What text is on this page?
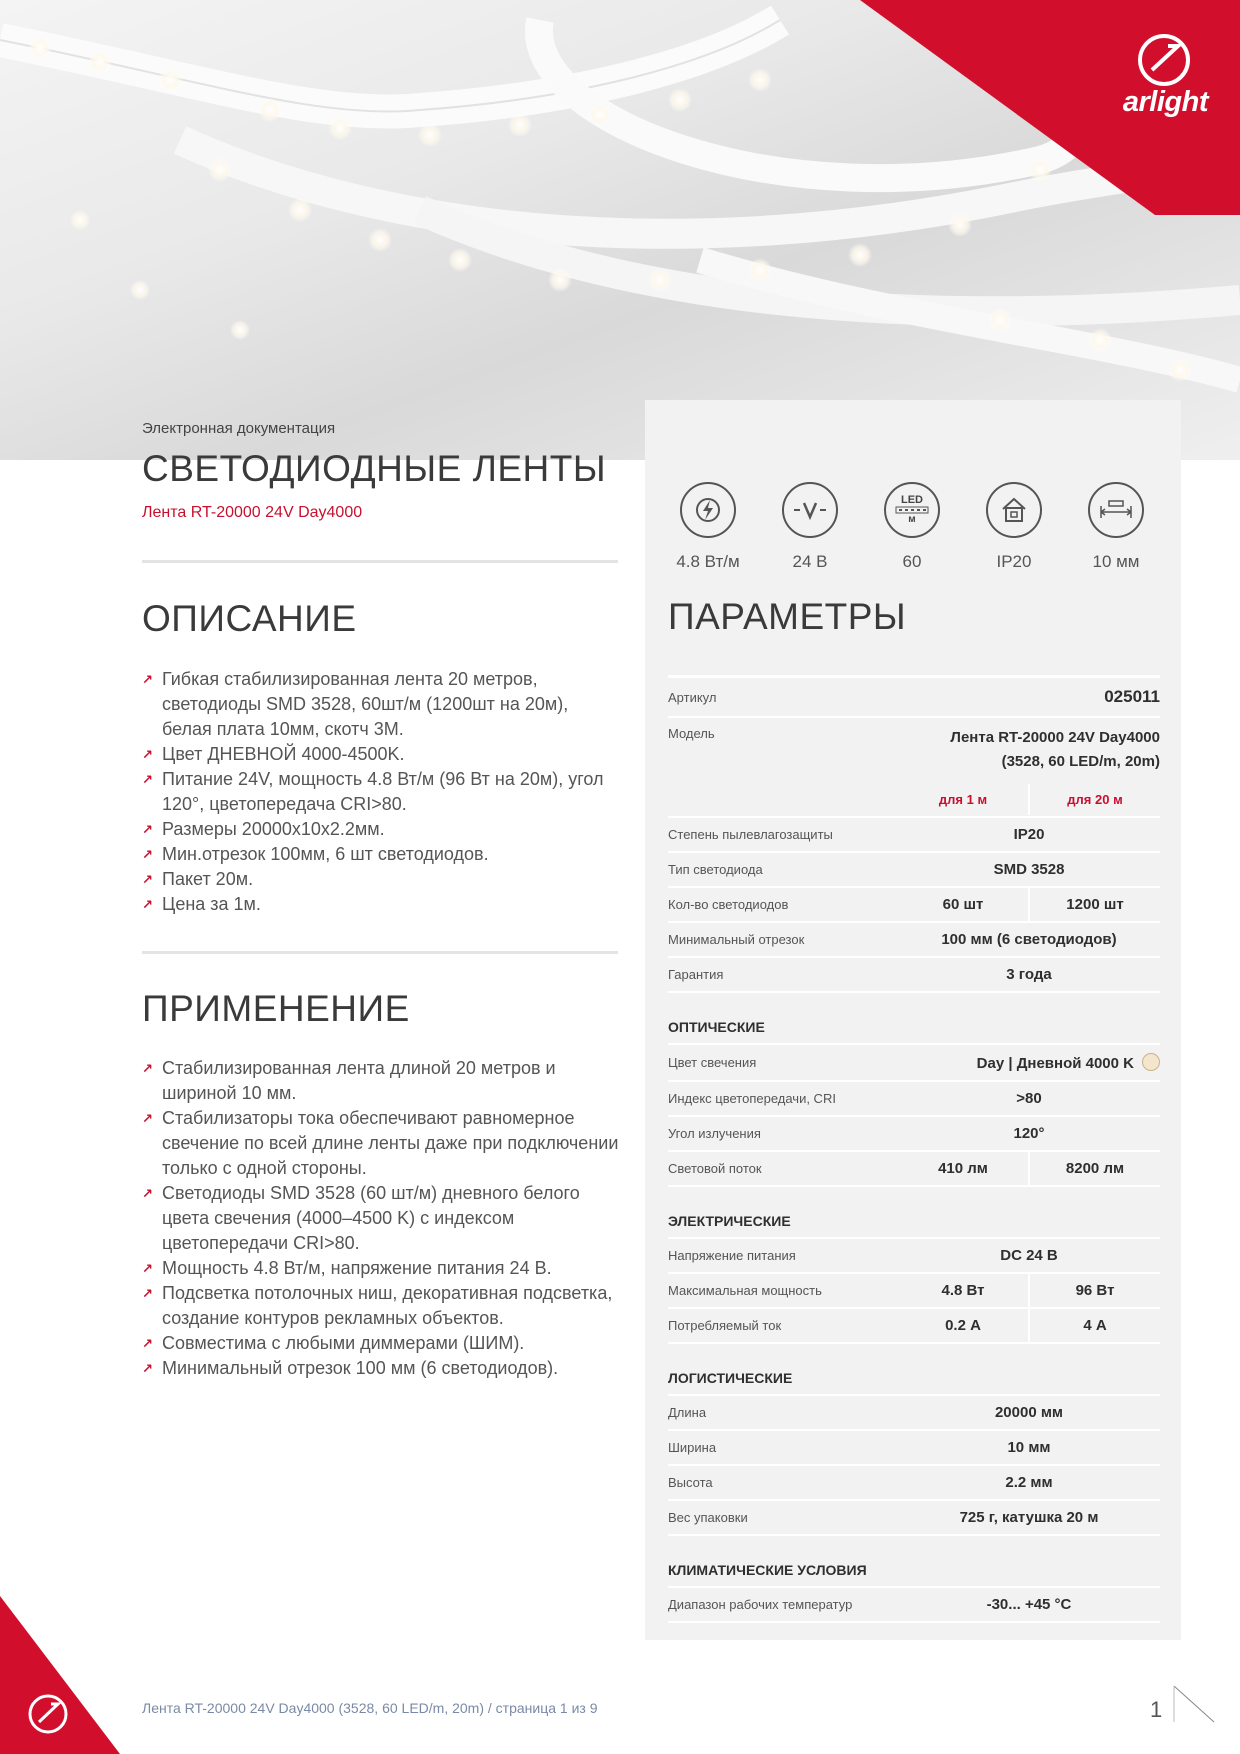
arlight
Электронная документация
СВЕТОДИОДНЫЕ ЛЕНТЫ
Лента RT-20000 24V Day4000
ОПИСАНИЕ
↗ Гибкая стабилизированная лента 20 метров, светодиоды SMD 3528, 60шт/м (1200шт на 20м), белая плата 10мм, скотч 3M.
↗ Цвет ДНЕВНОЙ 4000-4500K.
↗ Питание 24V, мощность 4.8 Вт/м (96 Вт на 20м), угол 120°, цветопередача CRI>80.
↗ Размеры 20000x10x2.2мм.
↗ Мин.отрезок 100мм, 6 шт светодиодов.
↗ Пакет 20м.
↗ Цена за 1м.
ПРИМЕНЕНИЕ
↗ Стабилизированная лента длиной 20 метров и шириной 10 мм.
↗ Стабилизаторы тока обеспечивают равномерное свечение по всей длине ленты даже при подключении только с одной стороны.
↗ Светодиоды SMD 3528 (60 шт/м) дневного белого цвета свечения (4000–4500 K) с индексом цветопередачи CRI>80.
↗ Мощность 4.8 Вт/м, напряжение питания 24 В.
↗ Подсветка потолочных ниш, декоративная подсветка, создание контуров рекламных объектов.
↗ Совместима с любыми диммерами (ШИМ).
↗ Минимальный отрезок 100 мм (6 светодиодов).
4.8 Вт/м	24 В
LED
м
60	IP20	10 мм
ПАРАМЕТРЫ
Артикул	025011
Модель	Лента RT-20000 24V Day4000
(3528, 60 LED/m, 20m)
для 1 м	для 20 м
Степень пылевлагозащиты	IP20
Тип светодиода	SMD 3528
Кол-во светодиодов	60 шт	1200 шт
Минимальный отрезок	100 мм (6 светодиодов)
Гарантия	3 года
ОПТИЧЕСКИЕ
Цвет свечения	Day | Дневной 4000 K
Индекс цветопередачи, CRI	>80
Угол излучения	120°
Световой поток	410 лм	8200 лм
ЭЛЕКТРИЧЕСКИЕ
Напряжение питания	DC 24 В
Максимальная мощность	4.8 Вт	96 Вт
Потребляемый ток	0.2 А	4 А
ЛОГИСТИЧЕСКИЕ
Длина	20000 мм
Ширина	10 мм
Высота	2.2 мм
Вес упаковки	725 г, катушка 20 м
КЛИМАТИЧЕСКИЕ УСЛОВИЯ
Диапазон рабочих температур	-30... +45 °C
Лента RT-20000 24V Day4000 (3528, 60 LED/m, 20m) / страница 1 из 9	1
